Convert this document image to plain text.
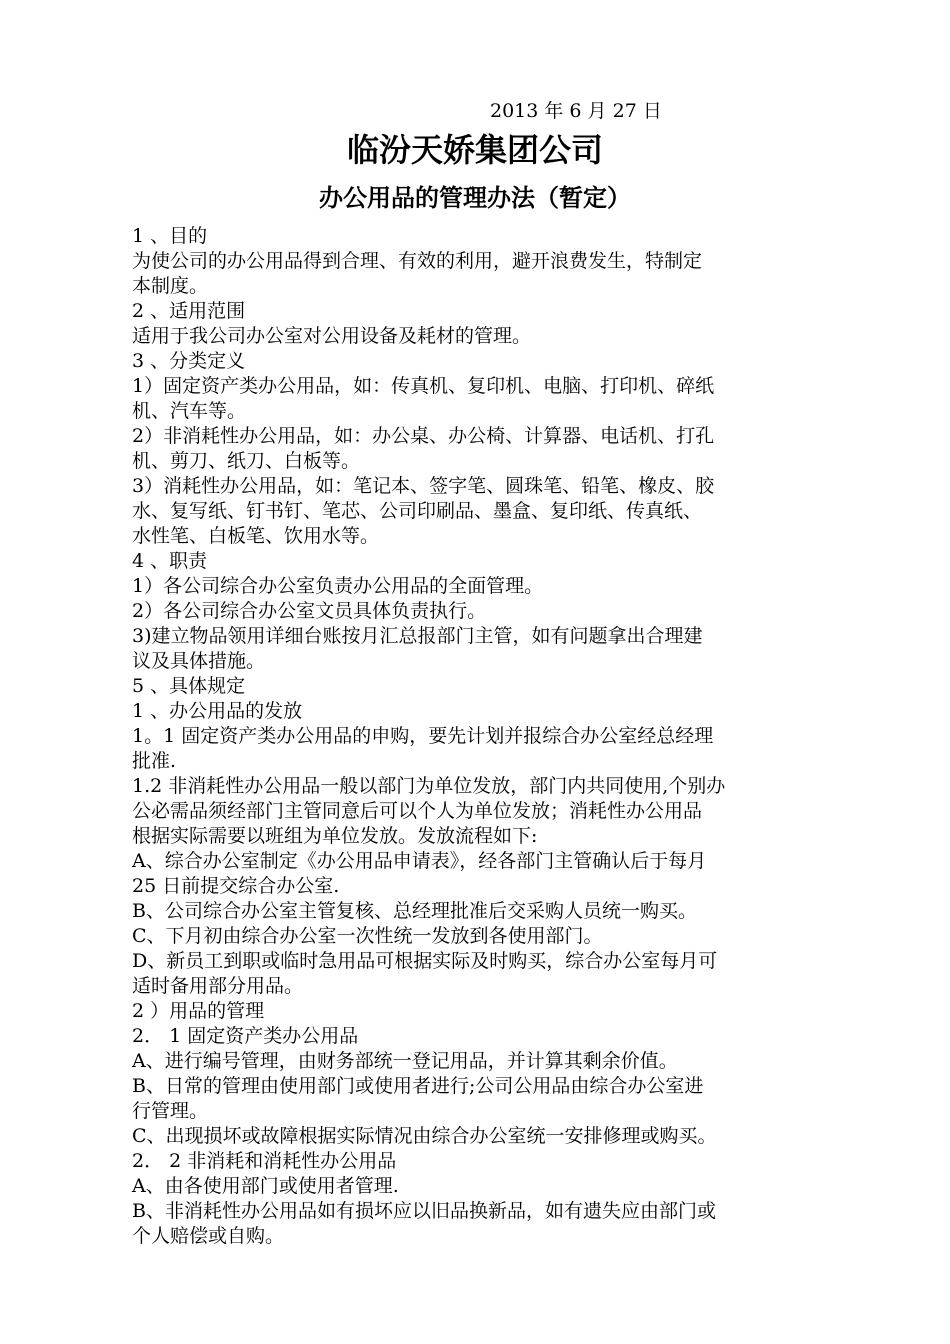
2013 年 6 月 27 日
临汾天娇集团公司
办公用品的管理办法（暂定）
1 、目的
为使公司的办公用品得到合理、有效的利用，避开浪费发生，特制定
本制度。
2 、适用范围
适用于我公司办公室对公用设备及耗材的管理。
3 、分类定义
1）固定资产类办公用品，如：传真机、复印机、电脑、打印机、碎纸
机、汽车等。
2）非消耗性办公用品，如：办公桌、办公椅、计算器、电话机、打孔
机、剪刀、纸刀、白板等。
3）消耗性办公用品，如：笔记本、签字笔、圆珠笔、铅笔、橡皮、胶
水、复写纸、钉书钉、笔芯、公司印刷品、墨盒、复印纸、传真纸、
水性笔、白板笔、饮用水等。
4 、职责
1）各公司综合办公室负责办公用品的全面管理。
2）各公司综合办公室文员具体负责执行。
3)建立物品领用详细台账按月汇总报部门主管，如有问题拿出合理建
议及具体措施。
5 、具体规定
1 、办公用品的发放
1。1 固定资产类办公用品的申购，要先计划并报综合办公室经总经理
批准.
1.2 非消耗性办公用品一般以部门为单位发放，部门内共同使用,个别办
公必需品须经部门主管同意后可以个人为单位发放；消耗性办公用品
根据实际需要以班组为单位发放。发放流程如下:
A、综合办公室制定《办公用品申请表》，经各部门主管确认后于每月
25 日前提交综合办公室.
B、公司综合办公室主管复核、总经理批准后交采购人员统一购买。
C、下月初由综合办公室一次性统一发放到各使用部门。
D、新员工到职或临时急用品可根据实际及时购买，综合办公室每月可
适时备用部分用品。
2 ）用品的管理
2． 1 固定资产类办公用品
A、进行编号管理，由财务部统一登记用品，并计算其剩余价值。
B、日常的管理由使用部门或使用者进行;公司公用品由综合办公室进
行管理。
C、出现损坏或故障根据实际情况由综合办公室统一安排修理或购买。
2． 2 非消耗和消耗性办公用品
A、由各使用部门或使用者管理.
B、非消耗性办公用品如有损坏应以旧品换新品，如有遗失应由部门或
个人赔偿或自购。
